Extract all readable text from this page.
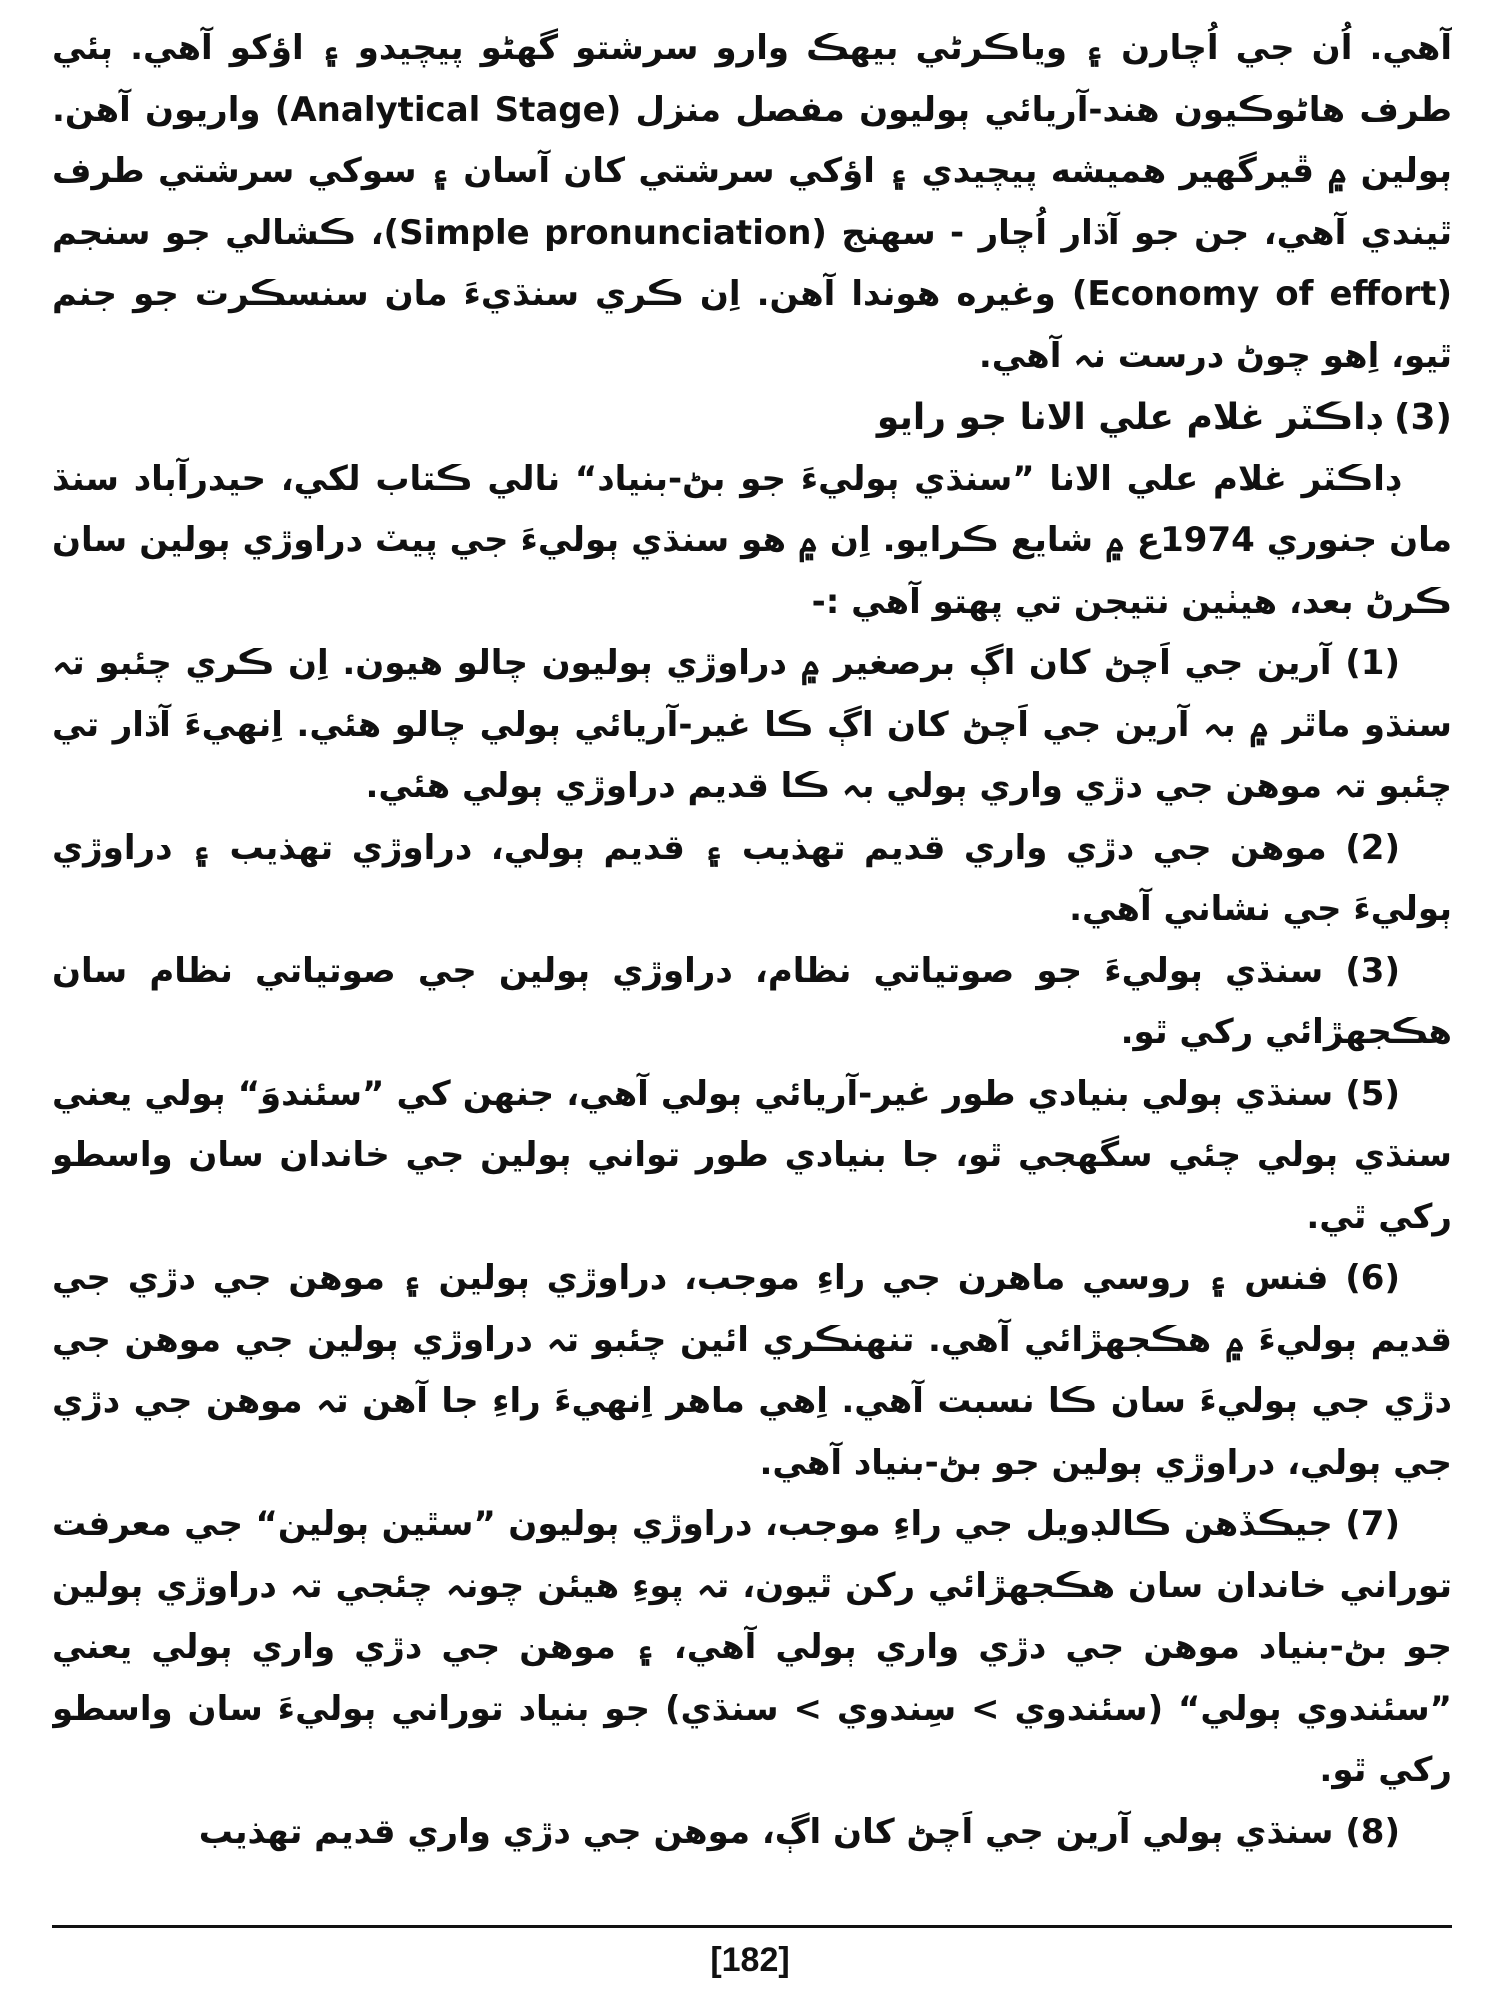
آهي. اُن جي اُچارن ۽ وياڪرڻي بيهڪ وارو سرشتو گهڻو پيچيدو ۽ اؤکو آهي. ٻئي طرف هاڻوڪيون هند-آريائي ٻوليون مفصل منزل (Analytical Stage) واريون آهن. ٻولين ۾ ڦيرگهير هميشه پيچيدي ۽ اؤکي سرشتي کان آسان ۽ سوکي سرشتي طرف ٿيندي آهي، جن جو آڌار اُچار - سهنج (Simple pronunciation)، ڪشالي جو سنجم (Economy of effort) وغيره هوندا آهن. اِن ڪري سنڌيءَ مان سنسڪرت جو جنم ٿيو، اِهو چوڻ درست نہ آهي.

(3) ڊاڪٽر غلام علي الانا جو رايو

ڊاڪٽر غلام علي الانا ”سنڌي ٻوليءَ جو بڻ-بنياد“ نالي ڪتاب لکي، حيدرآباد سنڌ مان جنوري 1974ع ۾ شايع ڪرايو. اِن ۾ هو سنڌي ٻوليءَ جي پيٽ دراوڙي ٻولين سان ڪرڻ بعد، هيٺين نتيجن تي پهتو آهي :-

(1) آرين جي اَچڻ کان اڳ برصغير ۾ دراوڙي ٻوليون چالو هيون. اِن ڪري چئبو تہ سنڌو ماٿر ۾ بہ آرين جي اَچڻ کان اڳ ڪا غير-آريائي ٻولي چالو هئي. اِنهيءَ آڌار تي چئبو تہ موهن جي دڙي واري ٻولي بہ ڪا قديم دراوڙي ٻولي هئي.

(2) موهن جي دڙي واري قديم تهذيب ۽ قديم ٻولي، دراوڙي تهذيب ۽ دراوڙي ٻوليءَ جي نشاني آهي.

(3) سنڌي ٻوليءَ جو صوتياتي نظام، دراوڙي ٻولين جي صوتياتي نظام سان هڪجهڙائي رکي ٿو.

(5) سنڌي ٻولي بنيادي طور غير-آريائي ٻولي آهي، جنهن کي ”سئندوَ“ ٻولي يعني سنڌي ٻولي چئي سگهجي ٿو، جا بنيادي طور تواني ٻولين جي خاندان سان واسطو رکي ٿي.

(6) فنس ۽ روسي ماهرن جي راءِ موجب، دراوڙي ٻولين ۽ موهن جي دڙي جي قديم ٻوليءَ ۾ هڪجهڙائي آهي. تنهنڪري ائين چئبو تہ دراوڙي ٻولين جي موهن جي دڙي جي ٻوليءَ سان ڪا نسبت آهي. اِهي ماهر اِنهيءَ راءِ جا آهن تہ موهن جي دڙي جي ٻولي، دراوڙي ٻولين جو بڻ-بنياد آهي.

(7) جيڪڏهن ڪالڊويل جي راءِ موجب، دراوڙي ٻوليون ”سٿين ٻولين“ جي معرفت توراني خاندان سان هڪجهڙائي رکن ٿيون، تہ پوءِ هيئن چونہ چئجي تہ دراوڙي ٻولين جو بڻ-بنياد موهن جي دڙي واري ٻولي آهي، ۽ موهن جي دڙي واري ٻولي يعني ”سئندوي ٻولي“ (سئندوي > سِندوي > سنڌي) جو بنياد توراني ٻوليءَ سان واسطو رکي ٿو.

(8) سنڌي ٻولي آرين جي اَچڻ کان اڳ، موهن جي دڙي واري قديم تهذيب

[182]
